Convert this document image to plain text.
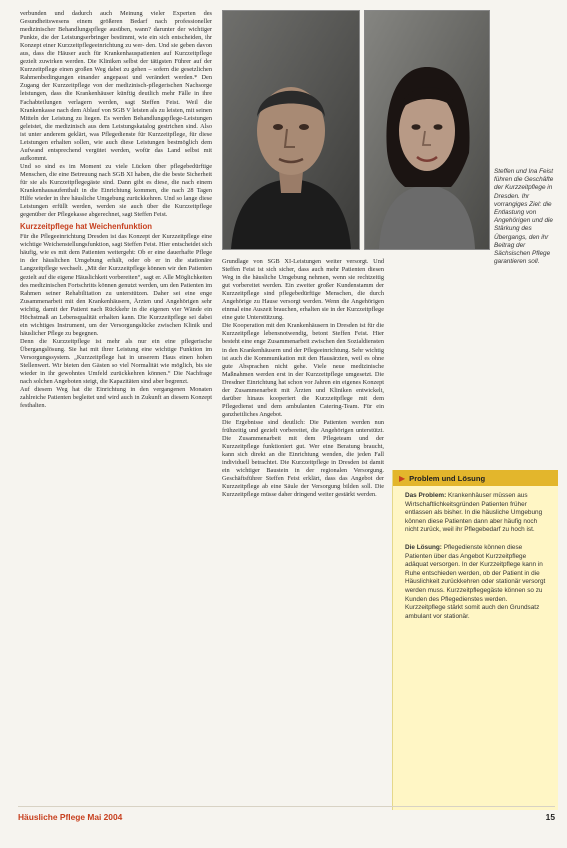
verbunden und dadurch auch Meinung vieler Experten des Gesundheitswesens einem größeren Bedarf nach professioneller medizinischer Behandlungspflege ausüben, wann? darunter der wichtiger Punkte, die der Leistungserbringer bestimmt, wie ein sich entscheiden, ihr Konzept einer Kurzzeitpflegeeinrichtung zu wer- den. Und sie geben davon aus, dass die Häuser auch für Krankenhauspatienten auf Kurzzeitpflege gezielt zuwirken werden. Die Kliniken selbst der tätigsten Führer auf der Kurzzeitpflege einen großen Weg dabei zu gehen – sofern die gesetzlichen Rahmenbedingungen einander angepasst und verändert werden.* Den Zugang der Kurzzeitpflege von der medizinisch-pflegerischen Nachsorge leistungen, dass die Krankenhäuser künftig deutlich mehr Fälle in ihre Fachabteilungen verlagern werden, sagt Steffen Feist. Weil die Krankenkasse nach dem Ablauf von SGB V leisten als zu leisten, mit seinen Mitteln der Leistung zu liegen. Es werden Behandlungspflege-Leistungen geleistet, die medizinisch aus dem Leistungskatalog gestrichen sind. Also ist unter anderem geklärt, was Pflegedienste für Kurzzeitpflege, für diese Leistungen erhalten sollen, wie auch diese Leistungen bestmöglich dem Aufwand entsprechend vergütet werden, wofür das Land selbst mit aufkommt.

Und so sind es im Moment zu viele Lücken über pflegebedürftige Menschen, die eine Betreuung nach SGB XI haben, die die beste Sicherheit für sie als Kurzzeitpflegegäste sind. Dann gibt es diese, die nach einem Krankenhausaufenthalt in die Einrichtung kommen, die nach 28 Tagen Hilfe wieder in ihre häusliche Umgebung zurückkehren. Und so lange diese Leistungen erfüllt werden, werden sie auch über die Kurzzeitpflege gegenüber der Pflegekasse abgerechnet, sagt Steffen Feist.

Kurzzeitpflege hat Weichenfunktion

Für die Pflegeeinrichtung Dresden ist das Konzept der Kurzzeitpflege eine wichtige Weichenstellungsfunktion, sagt Steffen Feist. Hier entscheidet sich häufig, wie es mit dem Patienten weitergeht: Ob er eine dauerhafte Pflege in der häuslichen Umgebung erhält, oder ob er in die stationäre Langzeitpflege wechselt. „Mit der Kurzzeitpflege können wir den Patienten gezielt auf die eigene Häuslichkeit vorbereiten“, sagt er. Alle Möglichkeiten des medizinischen Fortschritts können genutzt werden, um den Patienten im Rahmen seiner Rehabilitation zu unterstützen. Daher sei eine enge Zusammenarbeit mit den Krankenhäusern, Ärzten und Angehörigen sehr wichtig, damit der Patient nach Rückkehr in die eigenen vier Wände ein Höchstmaß an Lebensqualität erhalten kann. Die Kurzzeitpflege sei dabei ein wichtiges Instrument, um der Versorgungslücke zwischen Klinik und häuslicher Pflege zu begegnen.

Denn die Kurzzeitpflege ist mehr als nur ein eine pflegerische Übergangslösung. Sie hat mit ihrer Leistung eine wichtige Funktion im Versorgungssystem. „Kurzzeitpflege hat in unserem Haus einen hohen Stellenwert. Wir bieten den Gästen so viel Normalität wie möglich, bis sie wieder in ihr gewohntes Umfeld zurückkehren können.“ Die Nachfrage nach solchen Angeboten steigt, die Kapazitäten sind aber begrenzt.

Auf diesem Weg hat die Einrichtung in den vergangenen Monaten zahlreiche Patienten begleitet und wird auch in Zukunft an diesem Konzept festhalten.

Steffen und Ina Feist führen die Geschäfte der Kurzzeitpflege in Dresden. Ihr vorrangiges Ziel: die Entlastung von Angehörigen und die Stärkung des Übergangs, den ihr Beitrag der Sächsischen Pflege garantieren soll.

Grundlage von SGB XI-Leistungen weiter versorgt. Und Steffen Feist ist sich sicher, dass auch mehr Patienten diesen Weg in die häusliche Umgebung nehmen, wenn sie rechtzeitig gut vorbereitet werden. Ein zweiter großer Kundenstamm der Kurzzeitpflege sind pflegebedürftige Menschen, die durch Angehörige zu Hause versorgt werden. Wenn die Angehörigen einmal eine Auszeit brauchen, erhalten sie in der Kurzzeitpflege eine gute Unterstützung.

Die Kooperation mit den Krankenhäusern in Dresden ist für die Kurzzeitpflege lebensnotwendig, betont Steffen Feist. Hier besteht eine enge Zusammenarbeit zwischen den Sozialdiensten in den Krankenhäusern und der Pflegeeinrichtung. Sehr wichtig ist auch die Kommunikation mit den Hausärzten, weil es ohne gute Absprachen nicht gehe. Viele neue medizinische Maßnahmen werden erst in der Kurzzeitpflege umgesetzt. Die Dresdner Einrichtung hat schon vor Jahren ein eigenes Konzept der Zusammenarbeit mit Ärzten und Kliniken entwickelt, darüber hinaus kooperiert die Kurzzeitpflege mit dem Pflegedienst und dem ambulanten Catering-Team. Für ein ganzheitliches Angebot.

Die Ergebnisse sind deutlich: Die Patienten werden nun frühzeitig und gezielt vorbereitet, die Angehörigen unterstützt. Die Zusammenarbeit mit dem Pflegeteam und der Kurzzeitpflege funktioniert gut. Wer eine Beratung braucht, kann sich direkt an die Einrichtung wenden, die jeden Fall individuell betrachtet. Die Kurzzeitpflege in Dresden ist damit ein wichtiger Baustein in der regionalen Versorgung. Geschäftsführer Steffen Feist erklärt, dass das Angebot der Kurzzeitpflege ab eine Säule der Versorgung bilden soll. Die Kurzzeitpflege müsse daher dringend weiter gestärkt werden.

▶ Problem und Lösung

Das Problem: Krankenhäuser müssen aus Wirtschaftlichkeitsgründen Patienten früher entlassen als bisher. In die häusliche Umgebung können diese Patienten dann aber häufig noch nicht zurück, weil ihr Pflegebedarf zu hoch ist.

Die Lösung: Pflegedienste können diese Patienten über das Angebot Kurzzeitpflege adäquat versorgen. In der Kurzzeitpflege kann in Ruhe entschieden werden, ob der Patient in die Häuslichkeit zurückkehren oder stationär versorgt werden muss. Kurzzeitpflegegäste können so zu Kunden des Pflegedienstes werden. Kurzzeitpflege stärkt somit auch den Grundsatz ambulant vor stationär.

Häusliche Pflege Mai 2004	15
